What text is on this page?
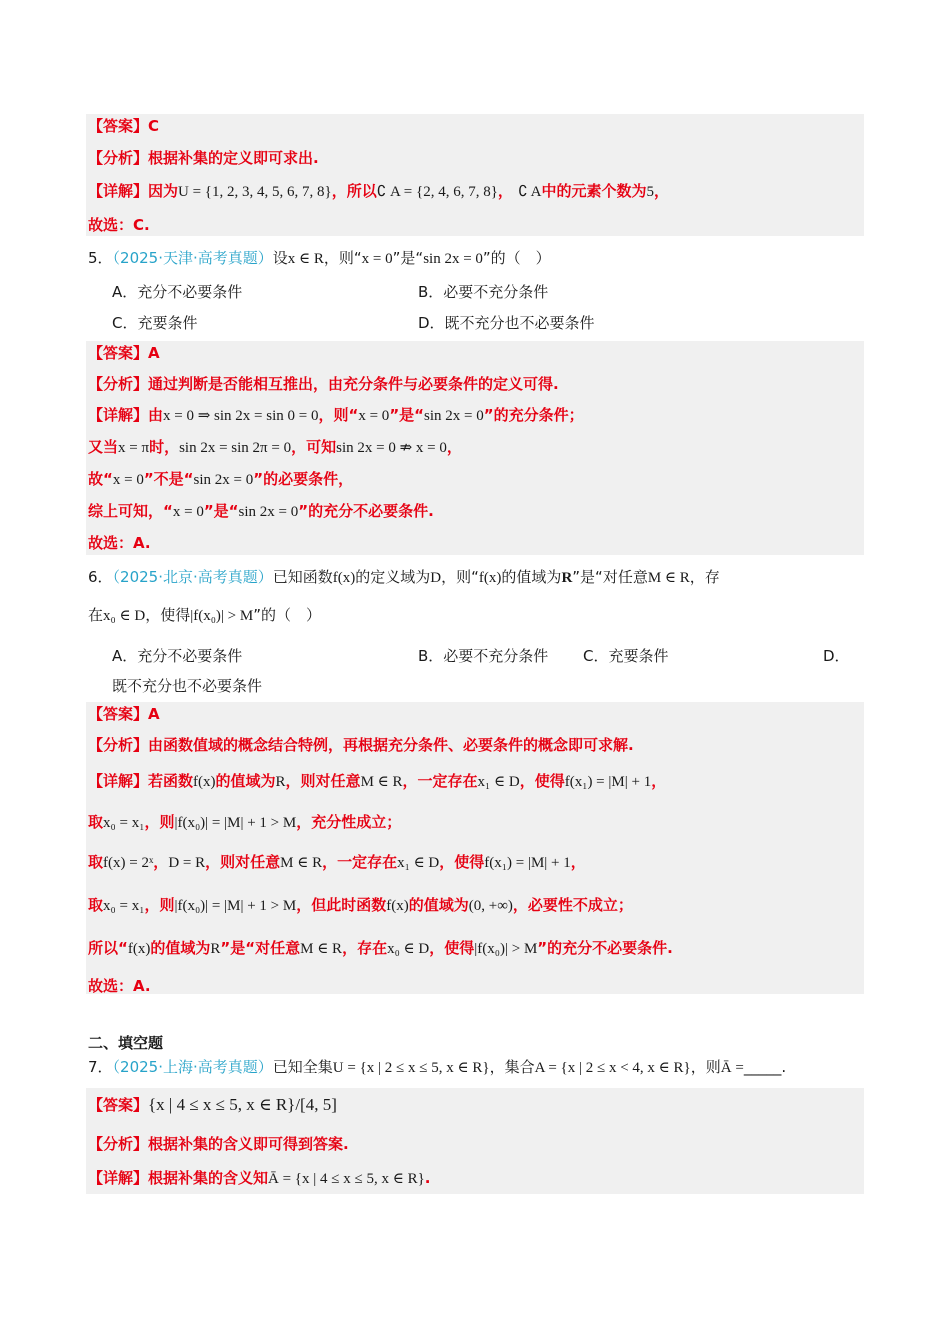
【答案】C
【分析】根据补集的定义即可求出.
【详解】因为U = {1, 2, 3, 4, 5, 6, 7, 8}，所以∁ A = {2, 4, 6, 7, 8}， ∁ A中的元素个数为5，
故选：C.
5．（2025·天津·高考真题）设x ∈ R，则“x = 0”是“sin 2x = 0”的（　）
A．充分不必要条件	B．必要不充分条件
C．充要条件	D．既不充分也不必要条件
【答案】A
【分析】通过判断是否能相互推出，由充分条件与必要条件的定义可得.
【详解】由x = 0 ⇒ sin 2x = sin 0 = 0，则“x = 0”是“sin 2x = 0”的充分条件；
又当x = π时，sin 2x = sin 2π = 0，可知sin 2x = 0 ⇏ x = 0，
故“x = 0”不是“sin 2x = 0”的必要条件，
综上可知，“x = 0”是“sin 2x = 0”的充分不必要条件.
故选：A.
6．（2025·北京·高考真题）已知函数f(x)的定义域为D，则“f(x)的值域为R”是“对任意M ∈ R，存
在x₀ ∈ D，使得|f(x₀)| > M”的（　）
A．充分不必要条件	B．必要不充分条件 C．充要条件	D．
既不充分也不必要条件
【答案】A
【分析】由函数值域的概念结合特例，再根据充分条件、必要条件的概念即可求解.
【详解】若函数f(x)的值域为R，则对任意M ∈ R，一定存在x₁ ∈ D，使得f(x₁) = |M| + 1，
取x₀ = x₁，则|f(x₀)| = |M| + 1 > M，充分性成立；
取f(x) = 2ˣ，D = R，则对任意M ∈ R，一定存在x₁ ∈ D，使得f(x₁) = |M| + 1，
取x₀ = x₁，则|f(x₀)| = |M| + 1 > M，但此时函数f(x)的值域为(0, +∞)，必要性不成立；
所以“f(x)的值域为R”是“对任意M ∈ R，存在x₀ ∈ D，使得|f(x₀)| > M”的充分不必要条件.
故选：A.
二、填空题
7．（2025·上海·高考真题）已知全集U = {x | 2 ≤ x ≤ 5, x ∈ R}，集合A = {x | 2 ≤ x < 4, x ∈ R}，则Ā =_____.
【答案】{x | 4 ≤ x ≤ 5, x ∈ R}/[4, 5]
【分析】根据补集的含义即可得到答案.
【详解】根据补集的含义知Ā = {x | 4 ≤ x ≤ 5, x ∈ R}.
